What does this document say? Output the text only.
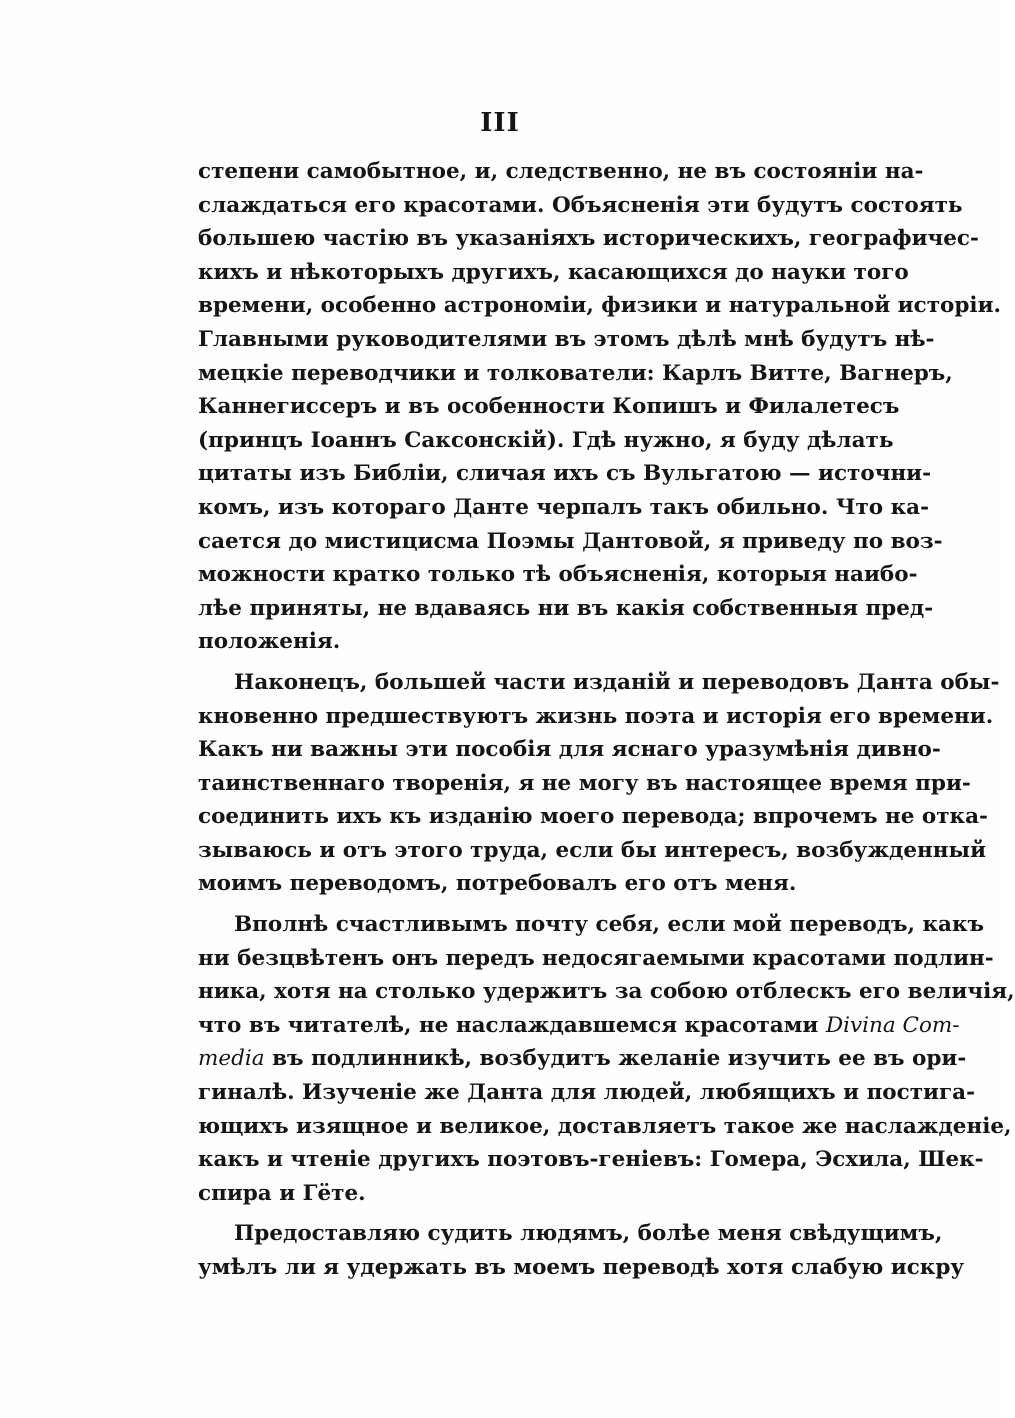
III
степени самобытное, и, следственно, не въ состоянiи на-
слаждаться его красотами. Объясненiя эти будутъ состоять
большею частiю въ указанiяхъ историческихъ, географичес-
кихъ и нѣкоторыхъ другихъ, касающихся до науки того
времени, особенно астрономiи, физики и натуральной исторiи.
Главными руководителями въ этомъ дѣлѣ мнѣ будутъ нѣ-
мецкiе переводчики и толкователи: Карлъ Витте, Вагнеръ,
Каннегиссеръ и въ особенности Копишъ и Филалетесъ
(принцъ Iоаннъ Саксонскiй). Гдѣ нужно, я буду дѣлать
цитаты изъ Библiи, сличая ихъ съ Вульгатою — источни-
комъ, изъ котораго Данте черпалъ такъ обильно. Что ка-
сается до мистицисма Поэмы Дантовой, я приведу по воз-
можности кратко только тѣ объясненiя, которыя наибо-
лѣе приняты, не вдаваясь ни въ какiя собственныя пред-
положенiя.
Наконецъ, большей части изданiй и переводовъ Данта обы-
кновенно предшествуютъ жизнь поэта и исторiя его времени.
Какъ ни важны эти пособiя для яснаго уразумѣнiя дивно-
таинственнаго творенiя, я не могу въ настоящее время при-
соединить ихъ къ изданiю моего перевода; впрочемъ не отка-
зываюсь и отъ этого труда, если бы интересъ, возбужденный
моимъ переводомъ, потребовалъ его отъ меня.
Вполнѣ счастливымъ почту себя, если мой переводъ, какъ
ни безцвѣтенъ онъ передъ недосягаемыми красотами подлин-
ника, хотя на столько удержитъ за собою отблескъ его величiя,
что въ читателѣ, не наслаждавшемся красотами Divina Com-
media въ подлинникѣ, возбудитъ желанiе изучить ее въ ори-
гиналѣ. Изученiе же Данта для людей, любящихъ и постига-
ющихъ изящное и великое, доставляетъ такое же наслажденiе,
какъ и чтенiе другихъ поэтовъ-генiевъ: Гомера, Эсхила, Шек-
спира и Гёте.
Предоставляю судить людямъ, болѣе меня свѣдущимъ,
умѣлъ ли я удержать въ моемъ переводѣ хотя слабую искру
